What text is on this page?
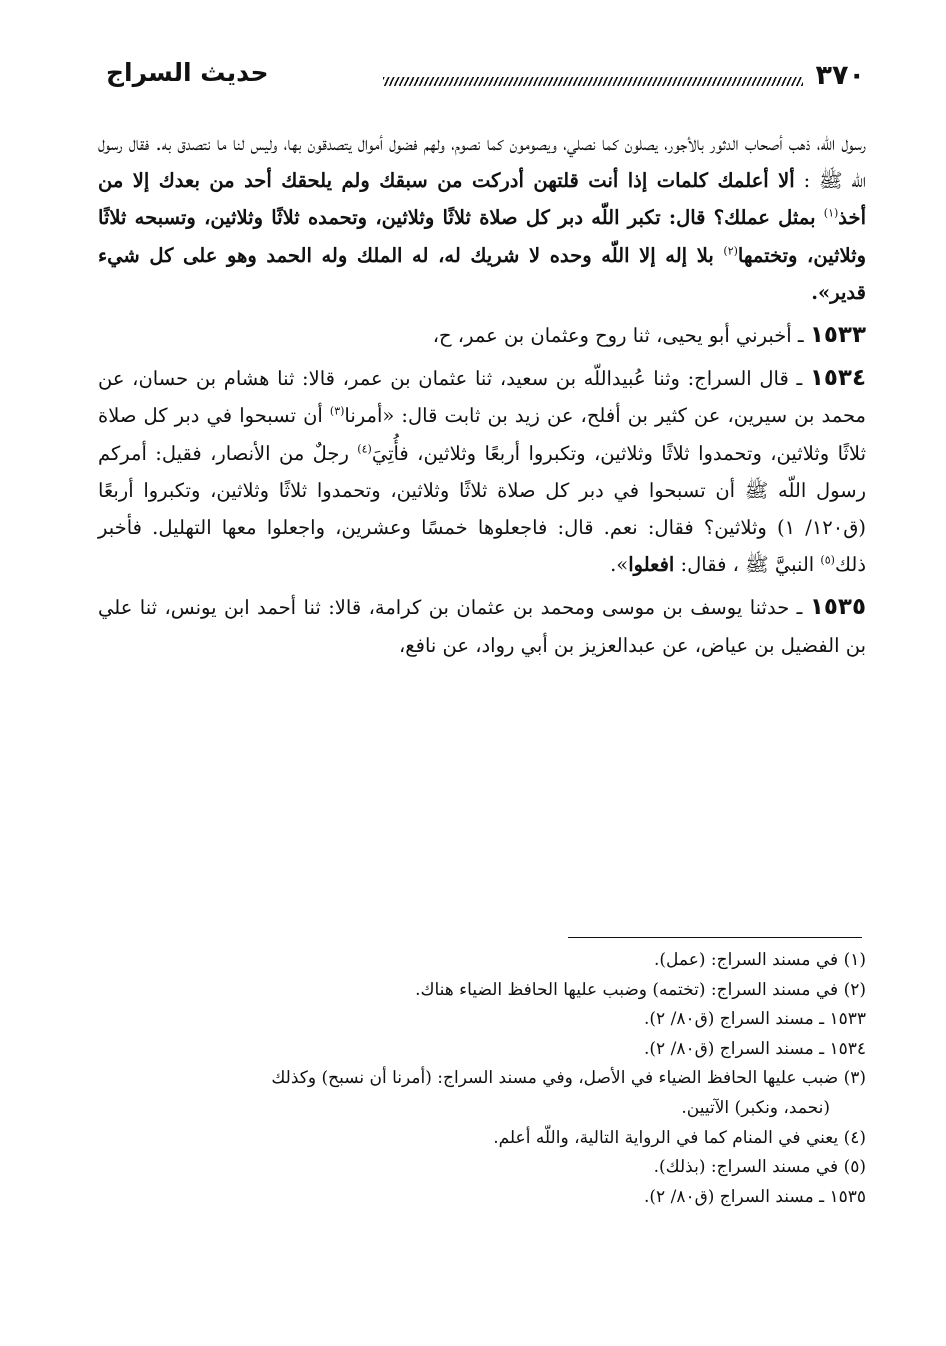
٣٧٠
حديث السراج

رسول اللّه، ذهب أصحاب الدثور بالأجور، يصلون كما نصلي، ويصومون كما نصوم، ولهم فضول أموال يتصدقون بها، وليس لنا ما نتصدق به. فقال رسول اللّه ﷺ : ألا أعلمك كلمات إذا أنت قلتهن أدركت من سبقك ولم يلحقك أحد من بعدك إلا من أخذ$^{(١)}$ بمثل عملك؟ قال: تكبر اللّه دبر كل صلاة ثلاثًا وثلاثين، وتحمده ثلاثًا وثلاثين، وتسبحه ثلاثًا وثلاثين، وتختمها$^{(٢)}$ بلا إله إلا اللّه وحده لا شريك له، له الملك وله الحمد وهو على كل شيء قدير».

١٥٣٣ ـ أخبرني أبو يحيى، ثنا روح وعثمان بن عمر، ح،

١٥٣٤ ـ قال السراج: وثنا عُبيداللّه بن سعيد، ثنا عثمان بن عمر، قالا: ثنا هشام بن حسان، عن محمد بن سيرين، عن كثير بن أفلح، عن زيد بن ثابت قال: «أمرنا$^{(٣)}$ أن تسبحوا في دبر كل صلاة ثلاثًا وثلاثين، وتحمدوا ثلاثًا وثلاثين، وتكبروا أربعًا وثلاثين، فأُتِيَ$^{(٤)}$ رجلٌ من الأنصار، فقيل: أمركم رسول اللّه ﷺ أن تسبحوا في دبر كل صلاة ثلاثًا وثلاثين، وتحمدوا ثلاثًا وثلاثين، وتكبروا أربعًا (ق١٢٠/ ١) وثلاثين؟ فقال: نعم. قال: فاجعلوها خمسًا وعشرين، واجعلوا معها التهليل. فأخبر ذلك$^{(٥)}$ النبيَّ ﷺ ، فقال: افعلوا».

١٥٣٥ ـ حدثنا يوسف بن موسى ومحمد بن عثمان بن كرامة، قالا: ثنا أحمد ابن يونس، ثنا علي بن الفضيل بن عياض، عن عبدالعزيز بن أبي رواد، عن نافع،

(١) في مسند السراج: (عمل).

(٢) في مسند السراج: (تختمه) وضبب عليها الحافظ الضياء هناك.

١٥٣٣ ـ مسند السراج (ق٨٠/ ٢).

١٥٣٤ ـ مسند السراج (ق٨٠/ ٢).

(٣) ضبب عليها الحافظ الضياء في الأصل، وفي مسند السراج: (أمرنا أن نسبح) وكذلك

(نحمد، ونكبر) الآتيين.

(٤) يعني في المنام كما في الرواية التالية، واللّه أعلم.

(٥) في مسند السراج: (بذلك).

١٥٣٥ ـ مسند السراج (ق٨٠/ ٢).
